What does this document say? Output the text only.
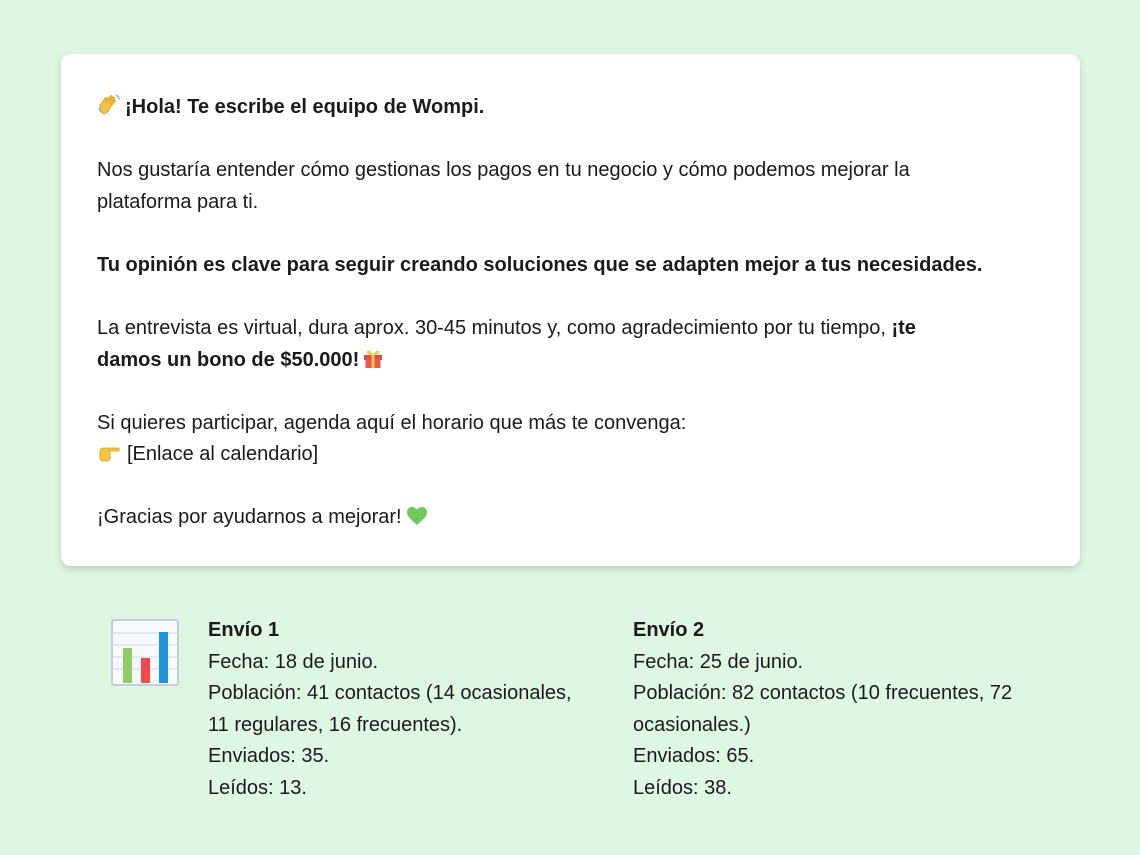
¡Hola! Te escribe el equipo de Wompi.
Nos gustaría entender cómo gestionas los pagos en tu negocio y cómo podemos mejorar la
plataforma para ti.
Tu opinión es clave para seguir creando soluciones que se adapten mejor a tus necesidades.
La entrevista es virtual, dura aprox. 30-45 minutos y, como agradecimiento por tu tiempo, ¡te
damos un bono de $50.000!
Si quieres participar, agenda aquí el horario que más te convenga:
[Enlace al calendario]
¡Gracias por ayudarnos a mejorar!
Envío 1
Fecha: 18 de junio.
Población: 41 contactos (14 ocasionales,
11 regulares, 16 frecuentes).
Enviados: 35.
Leídos: 13.
Envío 2
Fecha: 25 de junio.
Población: 82 contactos (10 frecuentes, 72
ocasionales.)
Enviados: 65.
Leídos: 38.
